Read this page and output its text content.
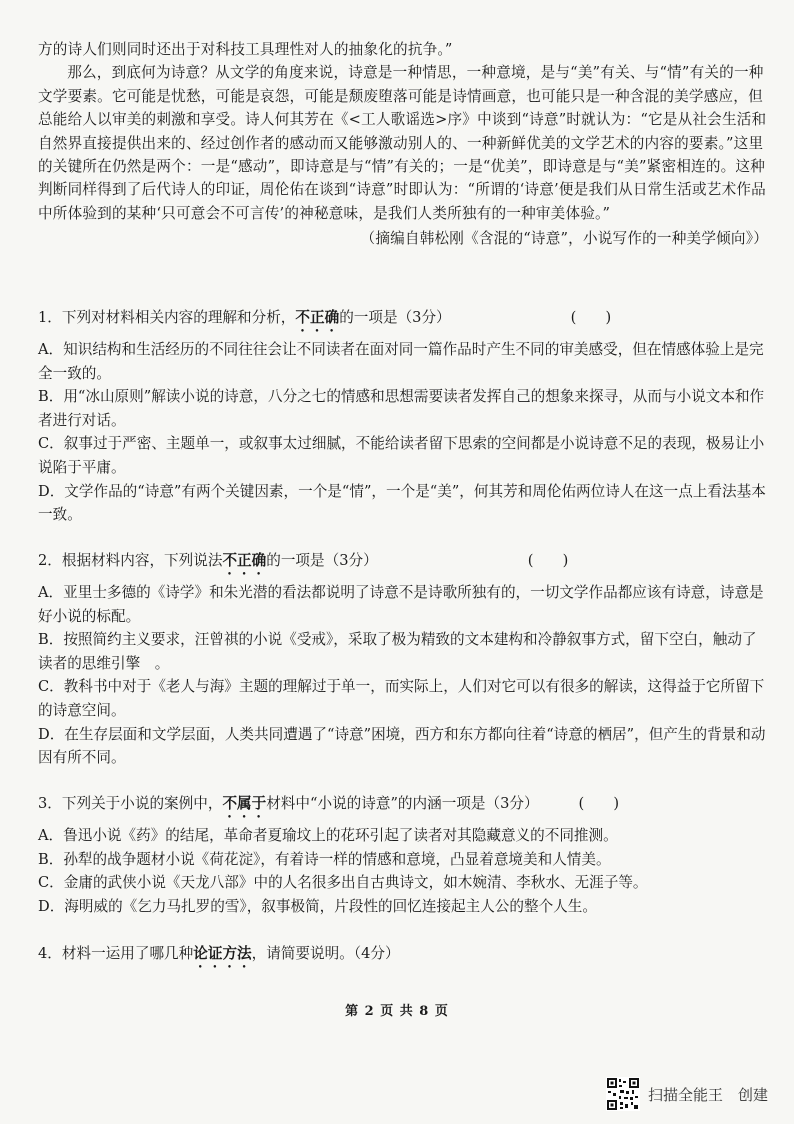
方的诗人们则同时还出于对科技工具理性对人的抽象化的抗争。”

那么，到底何为诗意？从文学的角度来说，诗意是一种情思，一种意境，是与“美”有关、与“情”有关的一种文学要素。它可能是忧愁，可能是哀怨，可能是颓废堕落可能是诗情画意，也可能只是一种含混的美学感应，但总能给人以审美的刺激和享受。诗人何其芳在《<工人歌谣选>序》中谈到“诗意”时就认为：“它是从社会生活和自然界直接提供出来的、经过创作者的感动而又能够激动别人的、一种新鲜优美的文学艺术的内容的要素。”这里的关键所在仍然是两个：一是“感动”，即诗意是与“情”有关的；一是“优美”，即诗意是与“美”紧密相连的。这种判断同样得到了后代诗人的印证，周伦佑在谈到“诗意”时即认为：“所谓的‘诗意’便是我们从日常生活或艺术作品中所体验到的某种‘只可意会不可言传’的神秘意味，是我们人类所独有的一种审美体验。”

（摘编自韩松刚《含混的“诗意”，小说写作的一种美学倾向》）

1．下列对材料相关内容的理解和分析，不正确的一项是（3分）	(　　)

A．知识结构和生活经历的不同往往会让不同读者在面对同一篇作品时产生不同的审美感受，但在情感体验上是完全一致的。

B．用“冰山原则”解读小说的诗意，八分之七的情感和思想需要读者发挥自己的想象来探寻，从而与小说文本和作者进行对话。

C．叙事过于严密、主题单一，或叙事太过细腻，不能给读者留下思索的空间都是小说诗意不足的表现，极易让小说陷于平庸。

D．文学作品的“诗意”有两个关键因素，一个是“情”，一个是“美”，何其芳和周伦佑两位诗人在这一点上看法基本一致。

2．根据材料内容，下列说法不正确的一项是（3分）	(　　)

A．亚里士多德的《诗学》和朱光潜的看法都说明了诗意不是诗歌所独有的，一切文学作品都应该有诗意，诗意是好小说的标配。

B．按照简约主义要求，汪曾祺的小说《受戒》，采取了极为精致的文本建构和冷静叙事方式，留下空白，触动了读者的思维引擎　。

C．教科书中对于《老人与海》主题的理解过于单一，而实际上，人们对它可以有很多的解读，这得益于它所留下的诗意空间。

D．在生存层面和文学层面，人类共同遭遇了“诗意”困境，西方和东方都向往着“诗意的栖居”，但产生的背景和动因有所不同。

3．下列关于小说的案例中，不属于材料中“小说的诗意”的内涵一项是（3分）	(　　)

A．鲁迅小说《药》的结尾，革命者夏瑜坟上的花环引起了读者对其隐藏意义的不同推测。

B．孙犁的战争题材小说《荷花淀》，有着诗一样的情感和意境，凸显着意境美和人情美。

C．金庸的武侠小说《天龙八部》中的人名很多出自古典诗文，如木婉清、李秋水、无涯子等。

D．海明威的《乞力马扎罗的雪》，叙事极简，片段性的回忆连接起主人公的整个人生。

4．材料一运用了哪几种论证方法，请简要说明。（4分）

第 2 页 共 8 页
扫描全能王　创建
